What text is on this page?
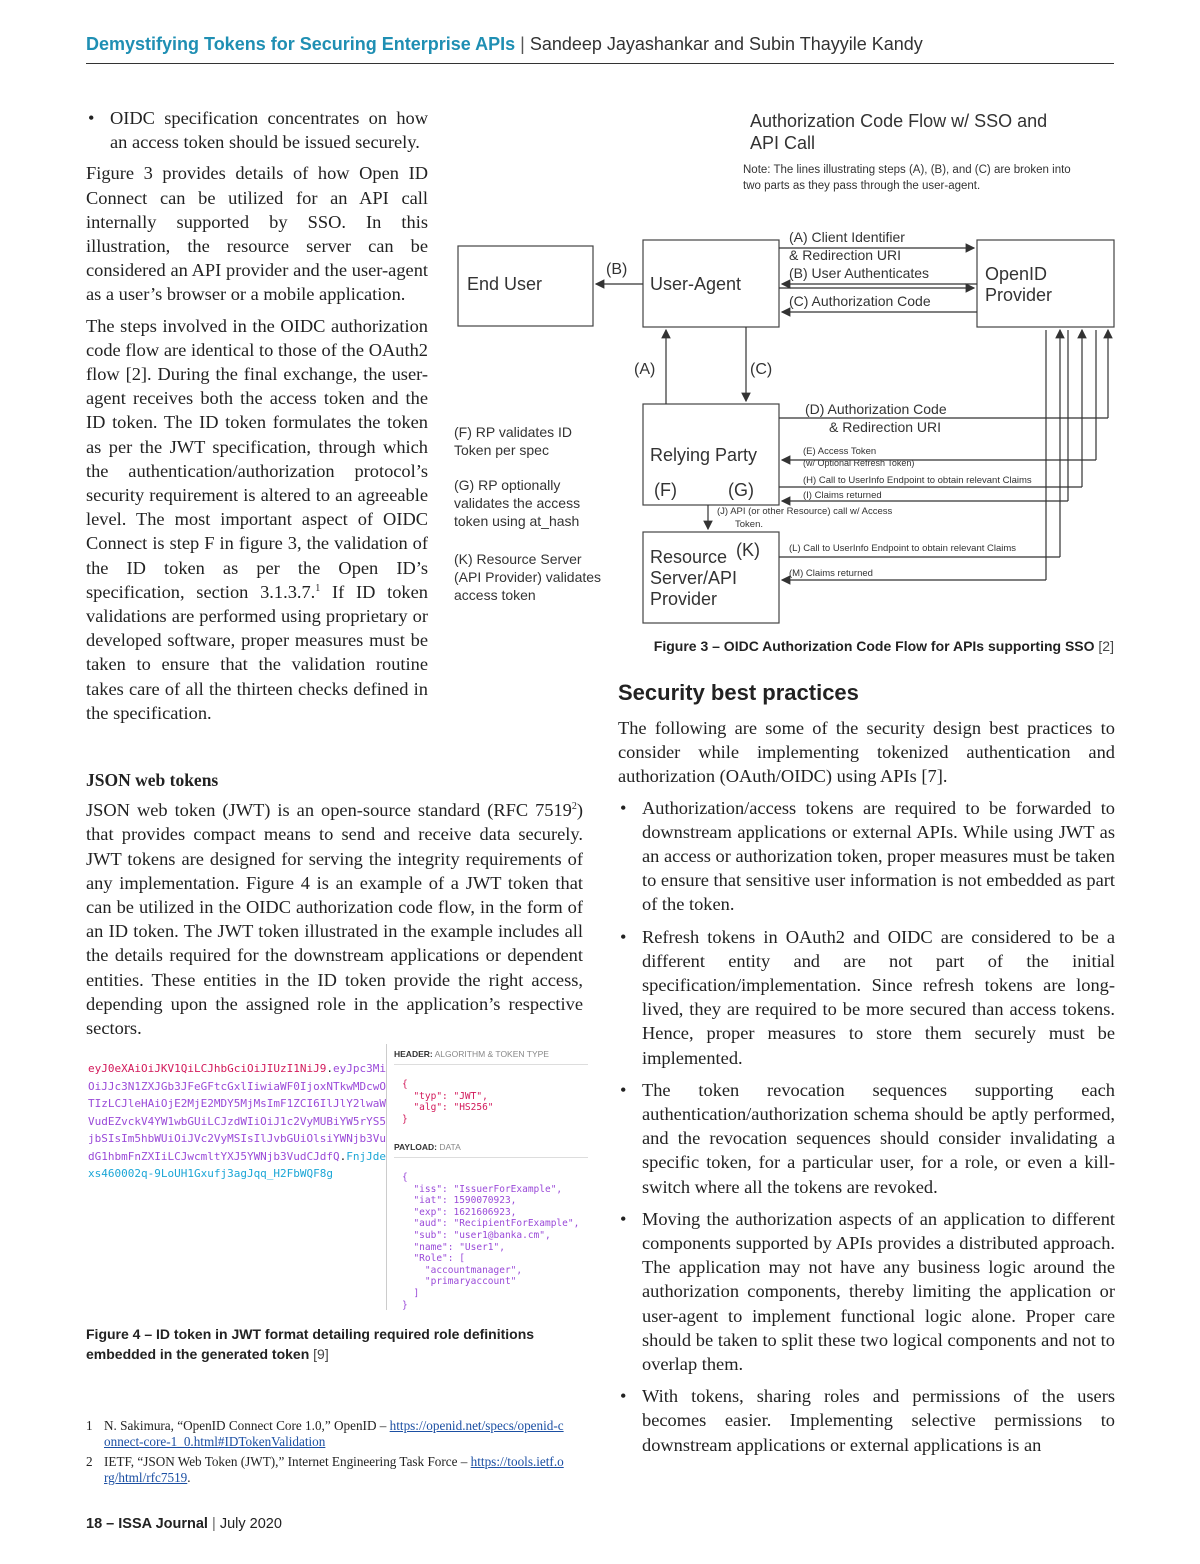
Demystifying Tokens for Securing Enterprise APIs | Sandeep Jayashankar and Subin Thayyile Kandy

• OIDC specification concentrates on how an access token should be issued securely.

Figure 3 provides details of how Open ID Connect can be utilized for an API call internally supported by SSO. In this illustration, the resource server can be considered an API provider and the user-agent as a user’s browser or a mobile application.

The steps involved in the OIDC authorization code flow are identical to those of the OAuth2 flow [2]. During the final exchange, the user-agent receives both the access token and the ID token. The ID token formulates the token as per the JWT specification, through which the authentication/authorization protocol’s security requirement is altered to an agreeable level. The most important aspect of OIDC Connect is step F in figure 3, the validation of the ID token as per the Open ID’s specification, section 3.1.3.7.$^1$ If ID token validations are performed using proprietary or developed software, proper measures must be taken to ensure that the validation routine takes care of all the thirteen checks defined in the specification.

JSON web tokens

JSON web token (JWT) is an open-source standard (RFC 7519$^2$) that provides compact means to send and receive data securely. JWT tokens are designed for serving the integrity requirements of any implementation. Figure 4 is an example of a JWT token that can be utilized in the OIDC authorization code flow, in the form of an ID token. The JWT token illustrated in the example includes all the details required for the downstream applications or dependent entities. These entities in the ID token provide the right access, depending upon the assigned role in the application’s respective sectors.

Authorization Code Flow w/ SSO and
API Call
Note: The lines illustrating steps (A), (B), and (C) are broken into
two parts as they pass through the user-agent.
End User	User-Agent	OpenID
Provider
Relying Party
(F)	(G)
Resource
Server/API
Provider
(K)
(B)
(A) Client Identifier
& Redirection URI
(B) User Authenticates
(C) Authorization Code
(A)	(C)
(D) Authorization Code
& Redirection URI
(E) Access Token
(w/ Optional Refresh Token)
(H) Call to UserInfo Endpoint to obtain relevant Claims
(I) Claims returned
(J) API (or other Resource) call w/ Access
Token.
(L) Call to UserInfo Endpoint to obtain relevant Claims
(M) Claims returned
(F) RP validates ID
Token per spec
(G) RP optionally
validates the access
token using at_hash
(K) Resource Server
(API Provider) validates
access token
Figure 3 – OIDC Authorization Code Flow for APIs supporting SSO [2]
Security best practices

The following are some of the security design best practices to consider while implementing tokenized authentication and authorization (OAuth/OIDC) using APIs [7].

• Authorization/access tokens are required to be forwarded to downstream applications or external APIs. While using JWT as an access or authorization token, proper measures must be taken to ensure that sensitive user information is not embedded as part of the token.

• Refresh tokens in OAuth2 and OIDC are considered to be a different entity and are not part of the initial specification/implementation. Since refresh tokens are long-lived, they are required to be more secured than access tokens. Hence, proper measures to store them securely must be implemented.

• The token revocation sequences supporting each authentication/authorization schema should be aptly performed, and the revocation sequences should consider invalidating a specific token, for a particular user, for a role, or even a kill-switch where all the tokens are revoked.

• Moving the authorization aspects of an application to different components supported by APIs provides a distributed approach. The application may not have any business logic around the authorization components, thereby limiting the application or user-agent to implement functional logic alone. Proper care should be taken to split these two logical components and not to overlap them.

• With tokens, sharing roles and permissions of the users becomes easier. Implementing selective permissions to downstream applications or external applications is an

eyJ0eXAiOiJKV1QiLCJhbGciOiJIUzI1NiJ9.eyJpc3MiOiJJc3N1ZXJGb3JFeGFtcGxlIiwiaWF0IjoxNTkwMDcwOTIzLCJleHAiOjE2MjE2MDY5MjMsImF1ZCI6IlJlY2lwaWVudEZvckV4YW1wbGUiLCJzdWIiOiJ1c2VyMUBiYW5rYS5jbSIsIm5hbWUiOiJVc2VyMSIsIlJvbGUiOlsiYWNjb3VudG1hbmFnZXIiLCJwcmltYXJ5YWNjb3VudCJdfQ.FnjJdexs460002q-9LoUH1Gxufj3agJqq_H2FbWQF8g
HEADER: ALGORITHM & TOKEN TYPE
{
"typ": "JWT",
"alg": "HS256"
}
PAYLOAD: DATA
{
"iss": "IssuerForExample",
"iat": 1590070923,
"exp": 1621606923,
"aud": "RecipientForExample",
"sub": "user1@banka.cm",
"name": "User1",
"Role": [
"accountmanager",
"primaryaccount"
]
}
Figure 4 – ID token in JWT format detailing required role definitions embedded in the generated token [9]
1 N. Sakimura, “OpenID Connect Core 1.0,” OpenID – https://openid.net/specs/openid-connect-core-1_0.html#IDTokenValidation
2 IETF, “JSON Web Token (JWT),” Internet Engineering Task Force – https://tools.ietf.org/html/rfc7519.
18 – ISSA Journal | July 2020
